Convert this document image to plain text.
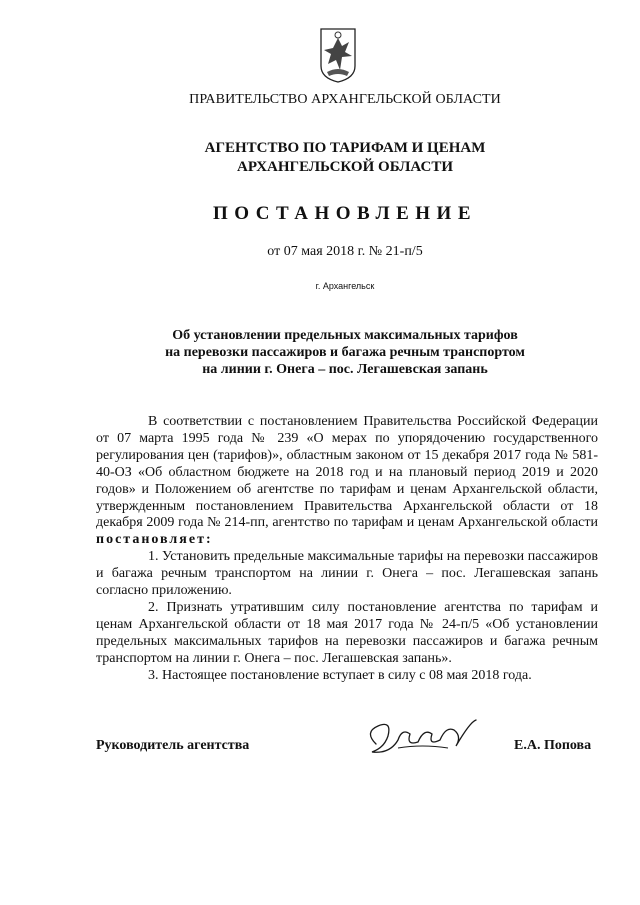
ПРАВИТЕЛЬСТВО АРХАНГЕЛЬСКОЙ ОБЛАСТИ
АГЕНТСТВО ПО ТАРИФАМ И ЦЕНАМ
АРХАНГЕЛЬСКОЙ ОБЛАСТИ
ПОСТАНОВЛЕНИЕ
от 07 мая 2018 г. № 21-п/5
г. Архангельск
Об установлении предельных максимальных тарифов
на перевозки пассажиров и багажа речным транспортом
на линии г. Онега – пос. Легашевская запань

В соответствии с постановлением Правительства Российской Федерации от 07 марта 1995 года № 239 «О мерах по упорядочению государственного регулирования цен (тарифов)», областным законом от 15 декабря 2017 года № 581-40-ОЗ «Об областном бюджете на 2018 год и на плановый период 2019 и 2020 годов» и Положением об агентстве по тарифам и ценам Архангельской области, утвержденным постановлением Правительства Архангельской области от 18 декабря 2009 года № 214-пп, агентство по тарифам и ценам Архангельской области постановляет:

1. Установить предельные максимальные тарифы на перевозки пассажиров и багажа речным транспортом на линии г. Онега – пос. Легашевская запань согласно приложению.

2. Признать утратившим силу постановление агентства по тарифам и ценам Архангельской области от 18 мая 2017 года № 24-п/5 «Об установлении предельных максимальных тарифов на перевозки пассажиров и багажа речным транспортом на линии г. Онега – пос. Легашевская запань».

3. Настоящее постановление вступает в силу с 08 мая 2018 года.

Руководитель агентства	Е.А. Попова
